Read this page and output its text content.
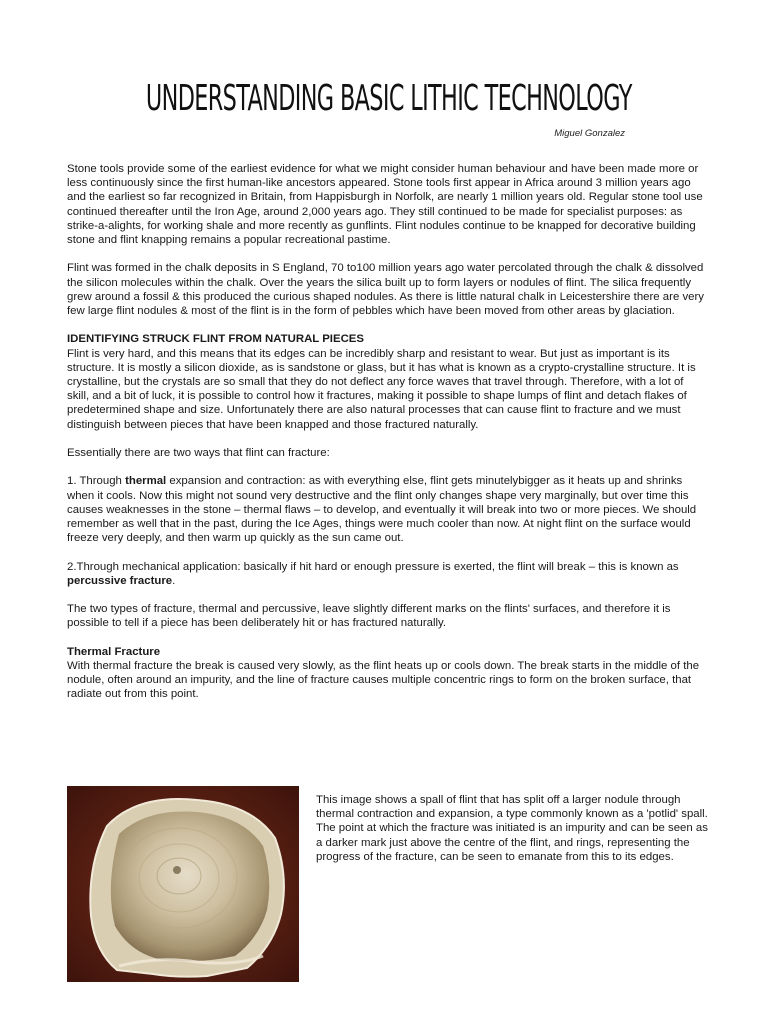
UNDERSTANDING BASIC LITHIC TECHNOLOGY
Miguel Gonzalez

Stone tools provide some of the earliest evidence for what we might consider human behaviour and have been made more or less continuously since the first human-like ancestors appeared. Stone tools first appear in Africa around 3 million years ago and the earliest so far recognized in Britain, from Happisburgh in Norfolk, are nearly 1 million years old. Regular stone tool use continued thereafter until the Iron Age, around 2,000 years ago. They still continued to be made for specialist purposes: as strike-a-alights, for working shale and more recently as gunflints. Flint nodules continue to be knapped for decorative building stone and flint knapping remains a popular recreational pastime.

Flint was formed in the chalk deposits in S England, 70 to100 million years ago water percolated through the chalk & dissolved the silicon molecules within the chalk. Over the years the silica built up to form layers or nodules of flint. The silica frequently grew around a fossil & this produced the curious shaped nodules. As there is little natural chalk in Leicestershire there are very few large flint nodules & most of the flint is in the form of pebbles which have been moved from other areas by glaciation.

IDENTIFYING STRUCK FLINT FROM NATURAL PIECES

Flint is very hard, and this means that its edges can be incredibly sharp and resistant to wear. But just as important is its structure. It is mostly a silicon dioxide, as is sandstone or glass, but it has what is known as a crypto-crystalline structure. It is crystalline, but the crystals are so small that they do not deflect any force waves that travel through. Therefore, with a lot of skill, and a bit of luck, it is possible to control how it fractures, making it possible to shape lumps of flint and detach flakes of predetermined shape and size. Unfortunately there are also natural processes that can cause flint to fracture and we must distinguish between pieces that have been knapped and those fractured naturally.

Essentially there are two ways that flint can fracture:

1. Through thermal expansion and contraction: as with everything else, flint gets minutelybigger as it heats up and shrinks when it cools. Now this might not sound very destructive and the flint only changes shape very marginally, but over time this causes weaknesses in the stone – thermal flaws – to develop, and eventually it will break into two or more pieces. We should remember as well that in the past, during the Ice Ages, things were much cooler than now. At night flint on the surface would freeze very deeply, and then warm up quickly as the sun came out.

2.Through mechanical application: basically if hit hard or enough pressure is exerted, the flint will break – this is known as percussive fracture.

The two types of fracture, thermal and percussive, leave slightly different marks on the flints' surfaces, and therefore it is possible to tell if a piece has been deliberately hit or has fractured naturally.

Thermal Fracture

With thermal fracture the break is caused very slowly, as the flint heats up or cools down. The break starts in the middle of the nodule, often around an impurity, and the line of fracture causes multiple concentric rings to form on the broken surface, that radiate out from this point.

This image shows a spall of flint that has split off a larger nodule through thermal contraction and expansion, a type commonly known as a 'potlid' spall. The point at which the fracture was initiated is an impurity and can be seen as a darker mark just above the centre of the flint, and rings, representing the progress of the fracture, can be seen to emanate from this to its edges.
